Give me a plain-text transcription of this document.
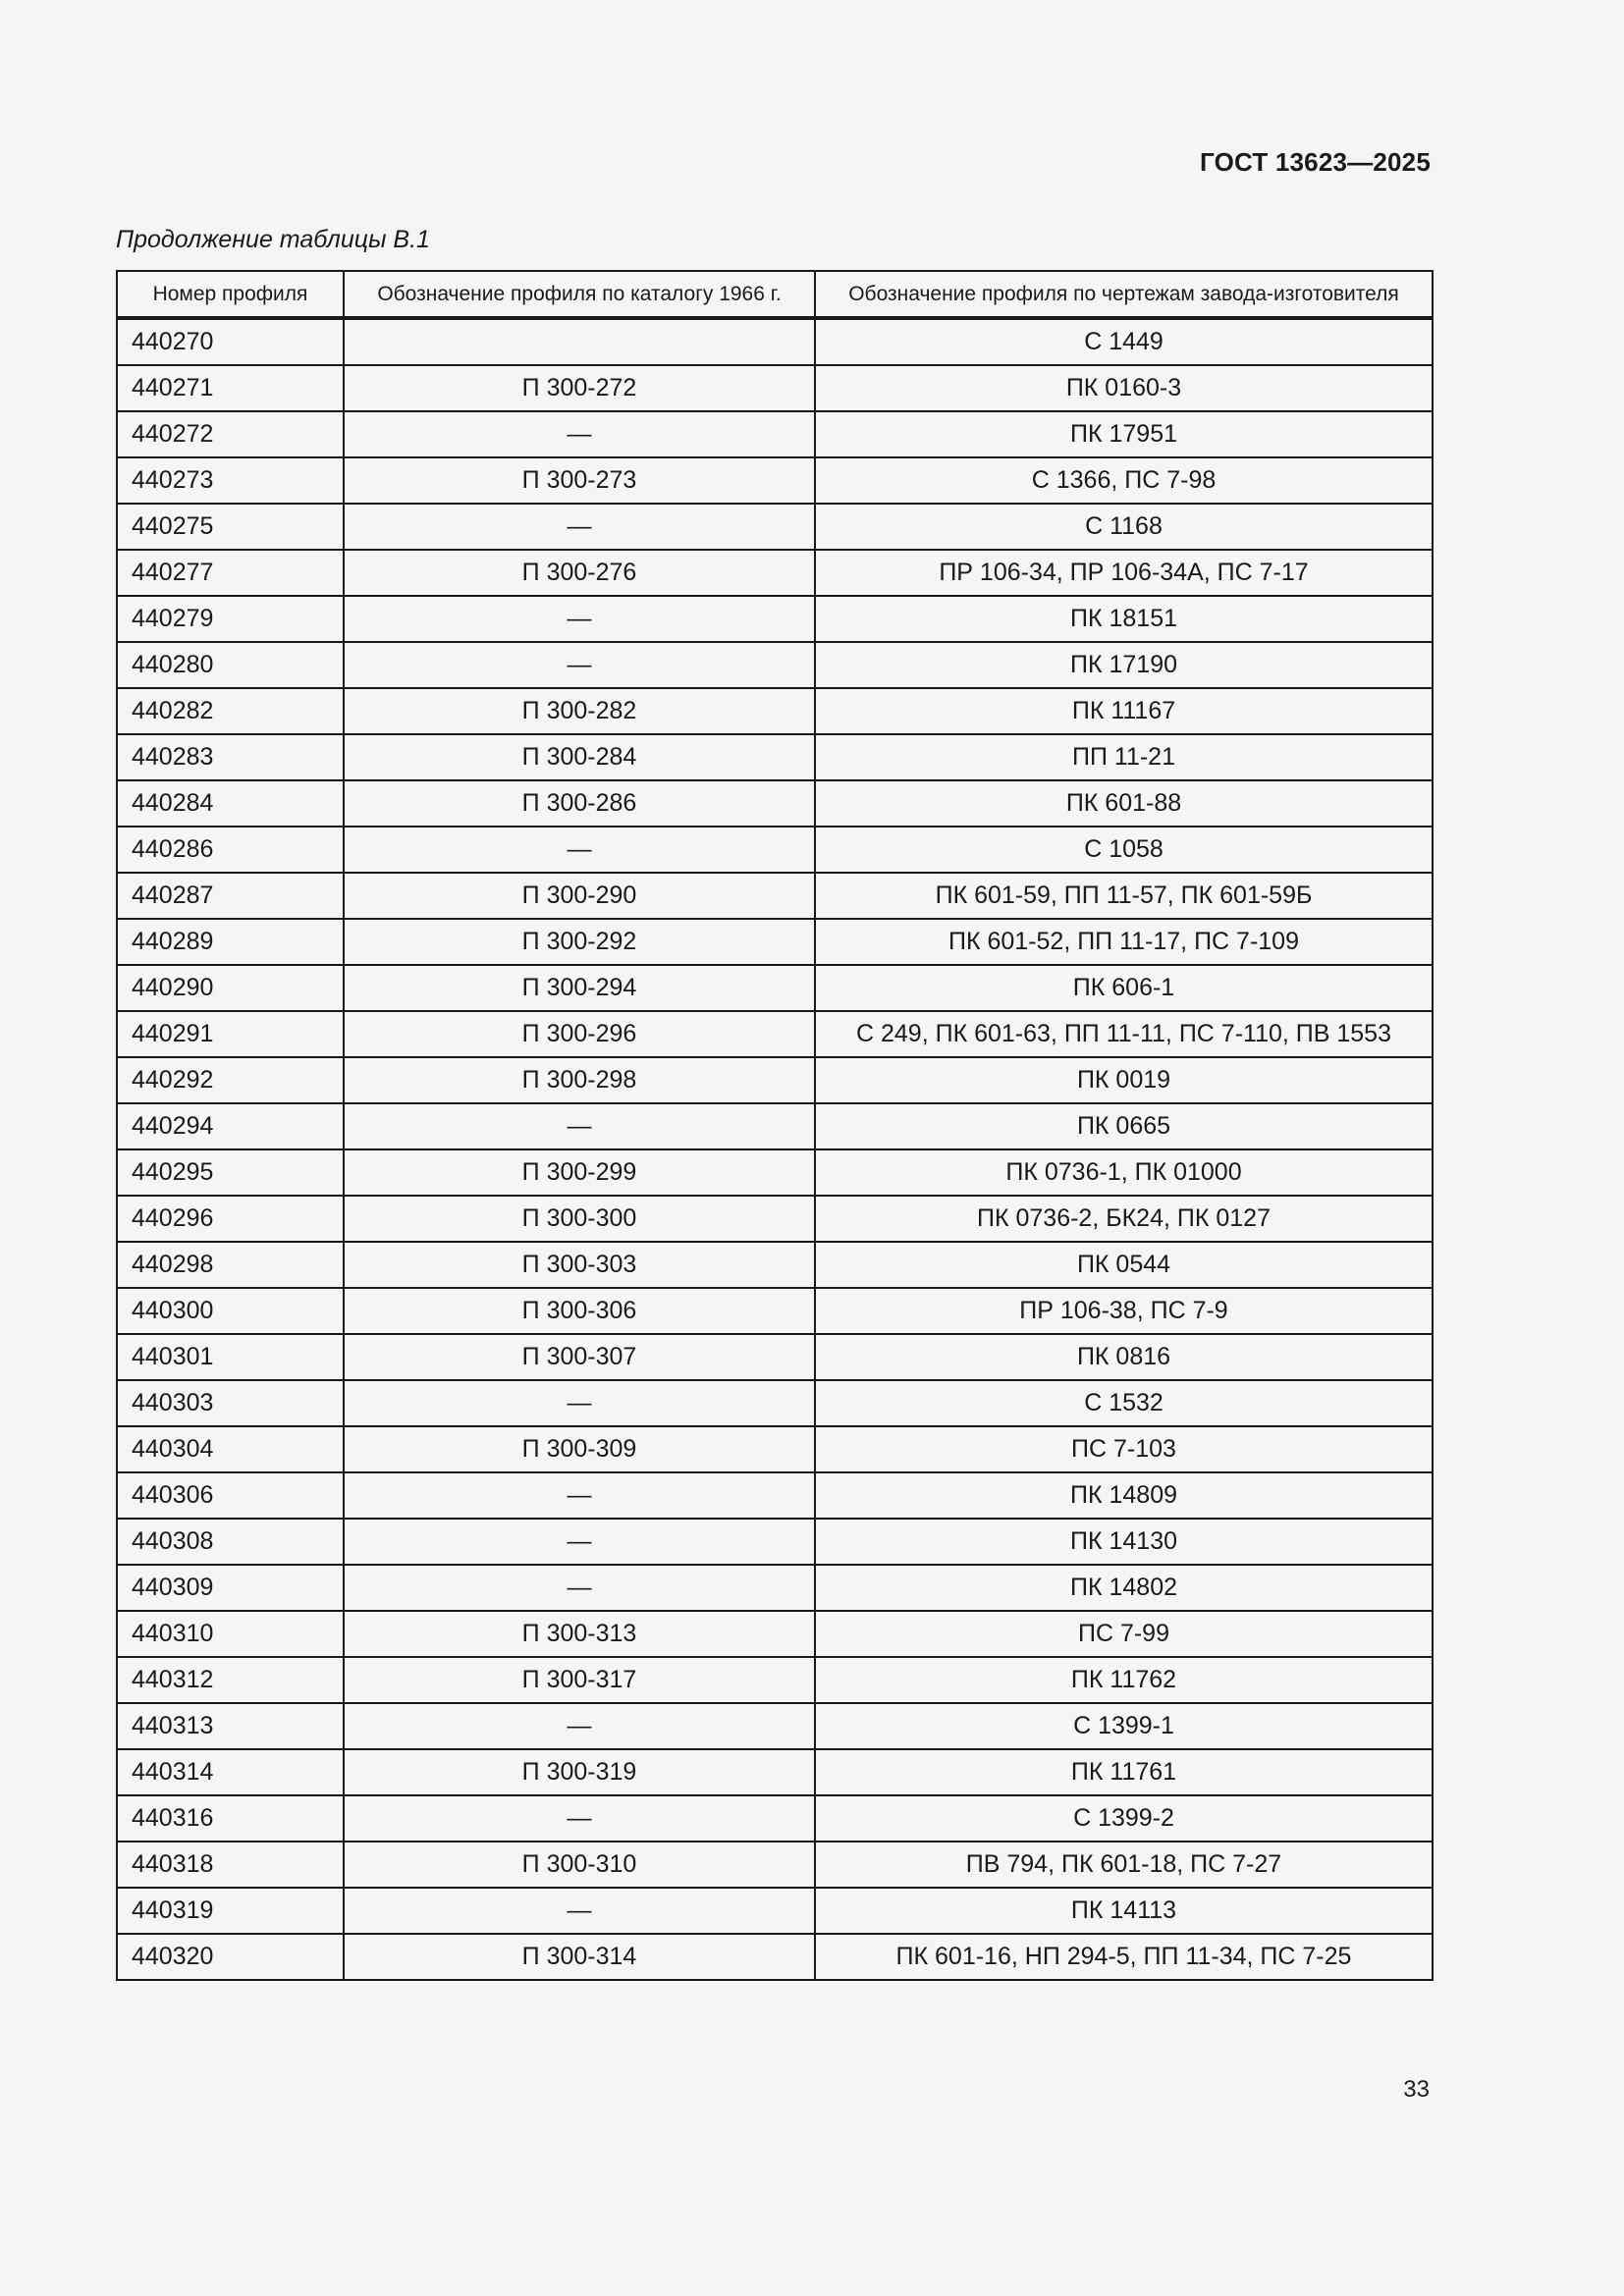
ГОСТ 13623—2025
Продолжение таблицы В.1
Номер профиля	Обозначение профиля по каталогу 1966 г.	Обозначение профиля по чертежам завода-изготовителя
440270		С 1449
440271	П 300-272	ПК 0160-3
440272	—	ПК 17951
440273	П 300-273	С 1366, ПС 7-98
440275	—	С 1168
440277	П 300-276	ПР 106-34, ПР 106-34А, ПС 7-17
440279	—	ПК 18151
440280	—	ПК 17190
440282	П 300-282	ПК 11167
440283	П 300-284	ПП 11-21
440284	П 300-286	ПК 601-88
440286	—	С 1058
440287	П 300-290	ПК 601-59, ПП 11-57, ПК 601-59Б
440289	П 300-292	ПК 601-52, ПП 11-17, ПС 7-109
440290	П 300-294	ПК 606-1
440291	П 300-296	С 249, ПК 601-63, ПП 11-11, ПС 7-110, ПВ 1553
440292	П 300-298	ПК 0019
440294	—	ПК 0665
440295	П 300-299	ПК 0736-1, ПК 01000
440296	П 300-300	ПК 0736-2, БК24, ПК 0127
440298	П 300-303	ПК 0544
440300	П 300-306	ПР 106-38, ПС 7-9
440301	П 300-307	ПК 0816
440303	—	С 1532
440304	П 300-309	ПС 7-103
440306	—	ПК 14809
440308	—	ПК 14130
440309	—	ПК 14802
440310	П 300-313	ПС 7-99
440312	П 300-317	ПК 11762
440313	—	С 1399-1
440314	П 300-319	ПК 11761
440316	—	С 1399-2
440318	П 300-310	ПВ 794, ПК 601-18, ПС 7-27
440319	—	ПК 14113
440320	П 300-314	ПК 601-16, НП 294-5, ПП 11-34, ПС 7-25
33
